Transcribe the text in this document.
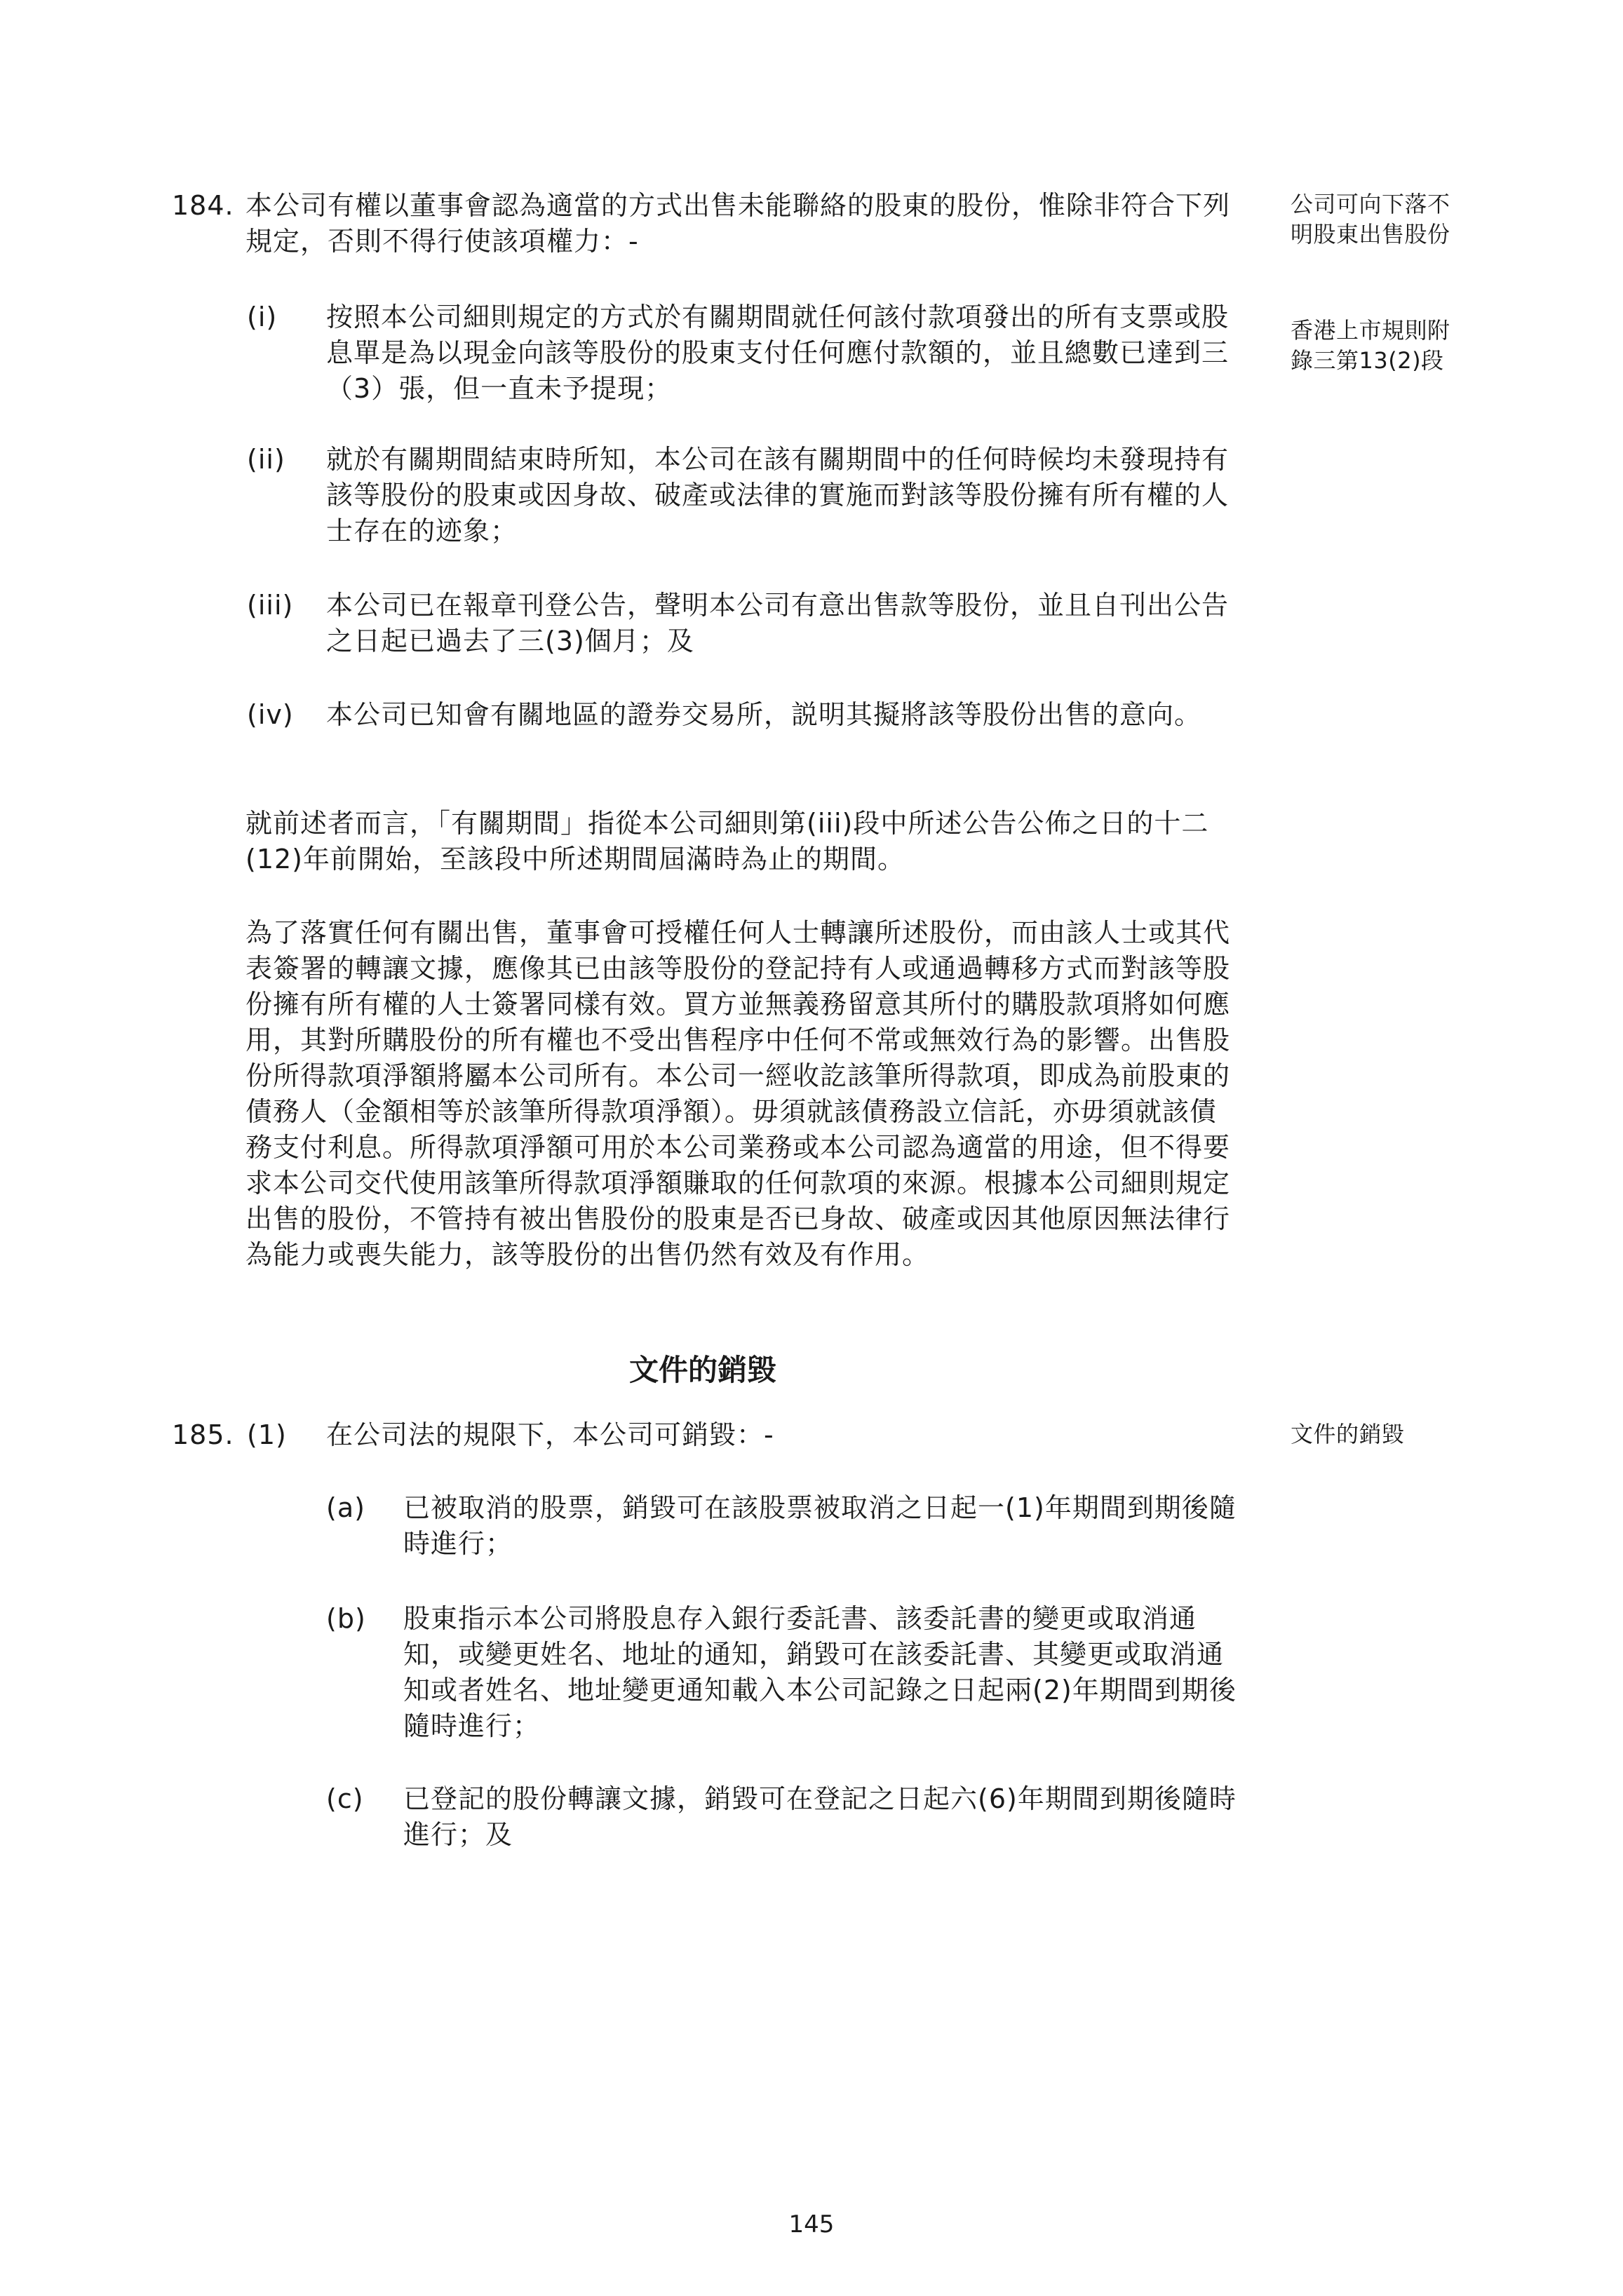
184. 本公司有權以董事會認為適當的方式出售未能聯絡的股東的股份，惟除非符合下列規定，否則不得行使該項權力：-
公司可向下落不明股東出售股份
香港上市規則附錄三第13(2)段
(i) 按照本公司細則規定的方式於有關期間就任何該付款項發出的所有支票或股息單是為以現金向該等股份的股東支付任何應付款額的，並且總數已達到三（3）張，但一直未予提現；
(ii) 就於有關期間結束時所知，本公司在該有關期間中的任何時候均未發現持有該等股份的股東或因身故、破產或法律的實施而對該等股份擁有所有權的人士存在的迹象；
(iii) 本公司已在報章刊登公告，聲明本公司有意出售款等股份，並且自刊出公告之日起已過去了三(3)個月；及
(iv) 本公司已知會有關地區的證券交易所，説明其擬將該等股份出售的意向。
就前述者而言，「有關期間」指從本公司細則第(iii)段中所述公告公佈之日的十二(12)年前開始，至該段中所述期間屆滿時為止的期間。
為了落實任何有關出售，董事會可授權任何人士轉讓所述股份，而由該人士或其代表簽署的轉讓文據，應像其已由該等股份的登記持有人或通過轉移方式而對該等股份擁有所有權的人士簽署同樣有效。買方並無義務留意其所付的購股款項將如何應用，其對所購股份的所有權也不受出售程序中任何不常或無效行為的影響。出售股份所得款項淨額將屬本公司所有。本公司一經收訖該筆所得款項，即成為前股東的債務人（金額相等於該筆所得款項淨額）。毋須就該債務設立信託，亦毋須就該債務支付利息。所得款項淨額可用於本公司業務或本公司認為適當的用途，但不得要求本公司交代使用該筆所得款項淨額賺取的任何款項的來源。根據本公司細則規定出售的股份，不管持有被出售股份的股東是否已身故、破產或因其他原因無法律行為能力或喪失能力，該等股份的出售仍然有效及有作用。
文件的銷毀
185. (1) 在公司法的規限下，本公司可銷毀：-	文件的銷毀
(a) 已被取消的股票，銷毀可在該股票被取消之日起一(1)年期間到期後隨時進行；
(b) 股東指示本公司將股息存入銀行委託書、該委託書的變更或取消通知，或變更姓名、地址的通知，銷毀可在該委託書、其變更或取消通知或者姓名、地址變更通知載入本公司記錄之日起兩(2)年期間到期後隨時進行；
(c) 已登記的股份轉讓文據，銷毀可在登記之日起六(6)年期間到期後隨時進行；及
145
